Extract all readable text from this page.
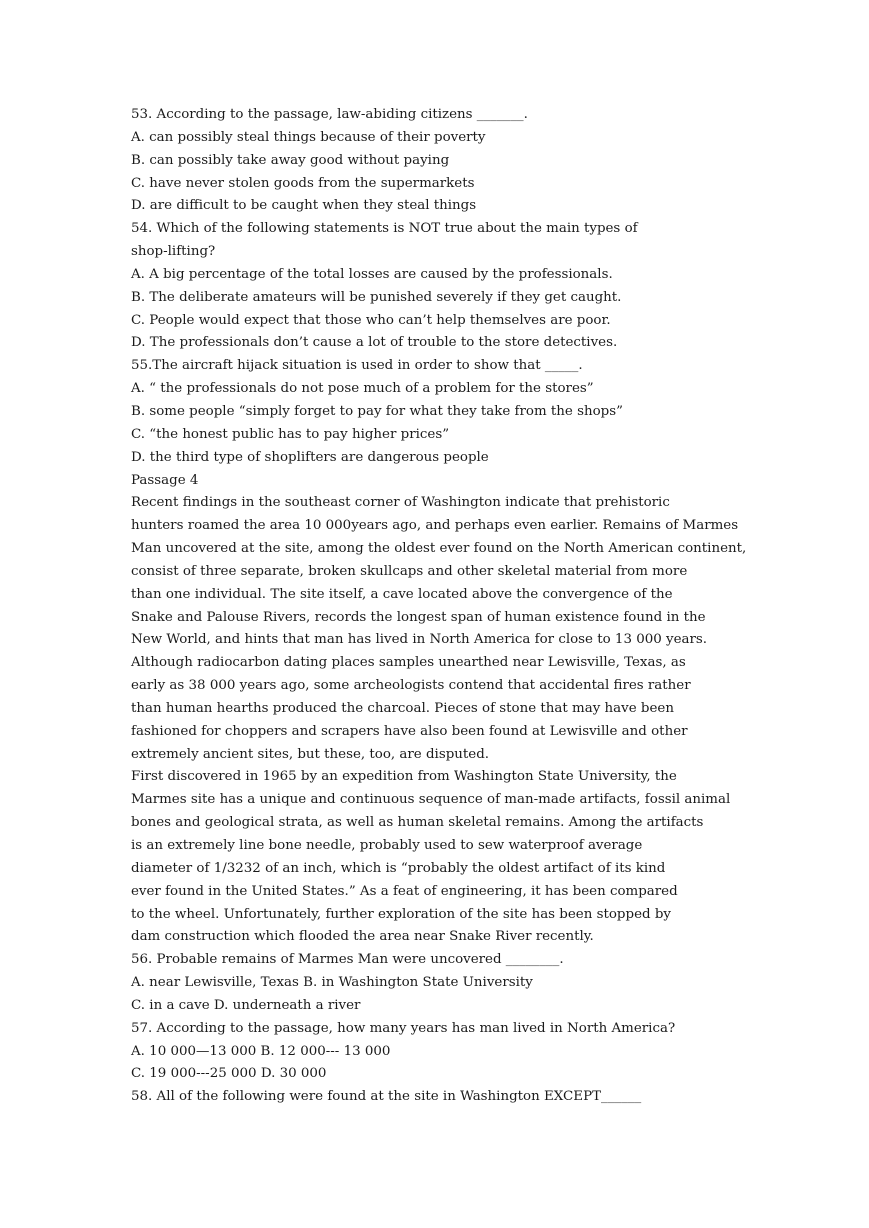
53. According to the passage, law-abiding citizens _______.
A. can possibly steal things because of their poverty
B. can possibly take away good without paying
C. have never stolen goods from the supermarkets
D. are difficult to be caught when they steal things
54. Which of the following statements is NOT true about the main types of
shop-lifting?
A. A big percentage of the total losses are caused by the professionals.
B. The deliberate amateurs will be punished severely if they get caught.
C. People would expect that those who can’t help themselves are poor.
D. The professionals don’t cause a lot of trouble to the store detectives.
55.The aircraft hijack situation is used in order to show that _____.
A. “ the professionals do not pose much of a problem for the stores”
B. some people “simply forget to pay for what they take from the shops”
C. “the honest public has to pay higher prices”
D. the third type of shoplifters are dangerous people
Passage 4
Recent findings in the southeast corner of Washington indicate that prehistoric
hunters roamed the area 10 000years ago, and perhaps even earlier. Remains of Marmes
Man uncovered at the site, among the oldest ever found on the North American continent,
consist of three separate, broken skullcaps and other skeletal material from more
than one individual. The site itself, a cave located above the convergence of the
Snake and Palouse Rivers, records the longest span of human existence found in the
New World, and hints that man has lived in North America for close to 13 000 years.
Although radiocarbon dating places samples unearthed near Lewisville, Texas, as
early as 38 000 years ago, some archeologists contend that accidental fires rather
than human hearths produced the charcoal. Pieces of stone that may have been
fashioned for choppers and scrapers have also been found at Lewisville and other
extremely ancient sites, but these, too, are disputed.
First discovered in 1965 by an expedition from Washington State University, the
Marmes site has a unique and continuous sequence of man-made artifacts, fossil animal
bones and geological strata, as well as human skeletal remains. Among the artifacts
is an extremely line bone needle, probably used to sew waterproof average
diameter of 1/3232 of an inch, which is “probably the oldest artifact of its kind
ever found in the United States.” As a feat of engineering, it has been compared
to the wheel. Unfortunately, further exploration of the site has been stopped by
dam construction which flooded the area near Snake River recently.
56. Probable remains of Marmes Man were uncovered ________.
A. near Lewisville, Texas B. in Washington State University
C. in a cave D. underneath a river
57. According to the passage, how many years has man lived in North America?
A. 10 000—13 000 B. 12 000--- 13 000
C. 19 000---25 000 D. 30 000
58. All of the following were found at the site in Washington EXCEPT______
